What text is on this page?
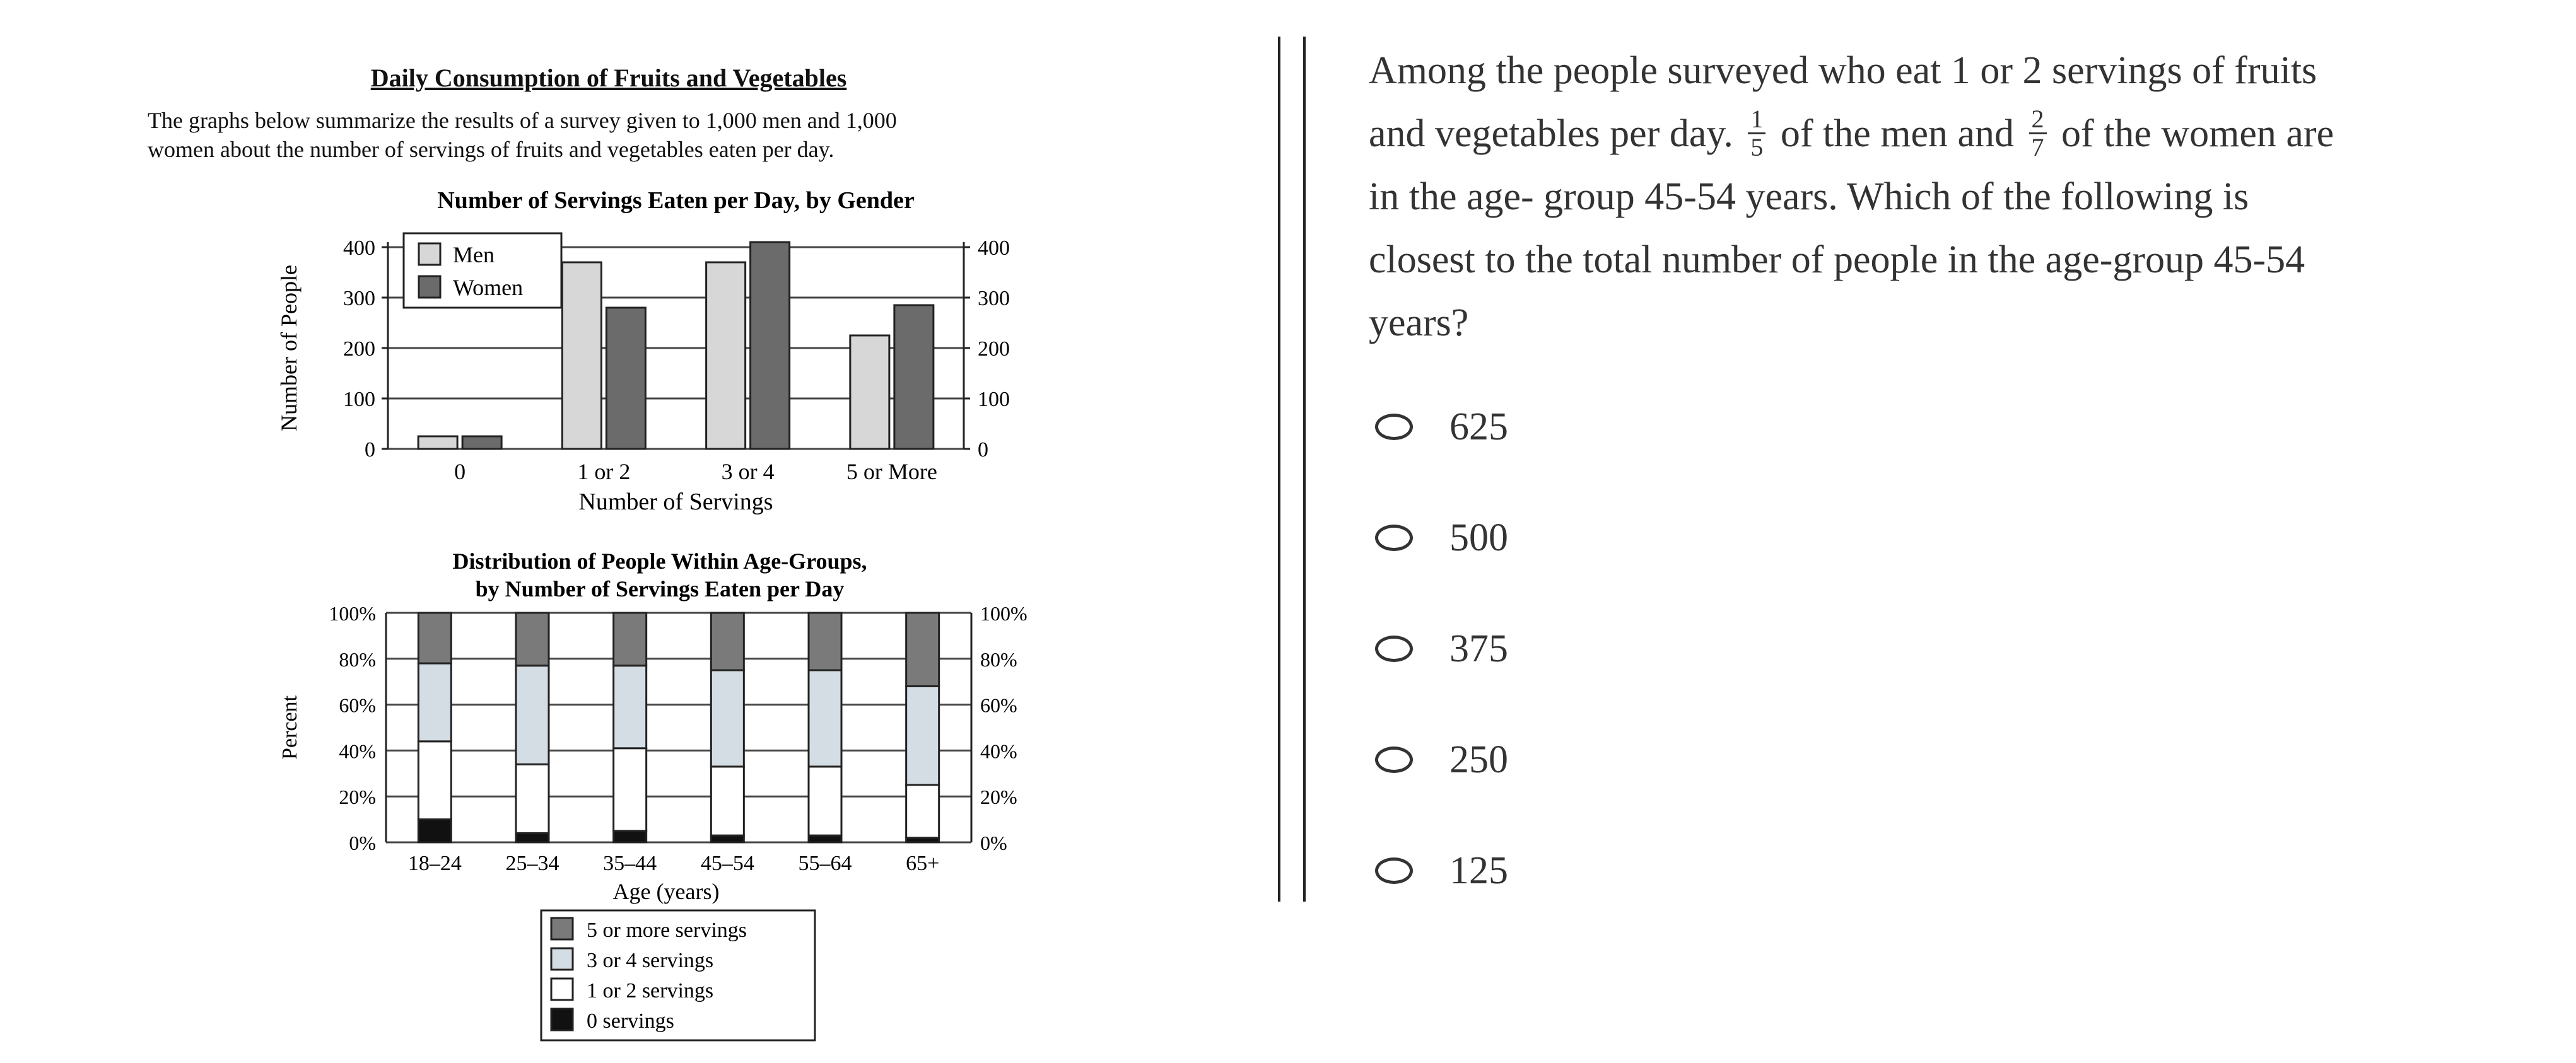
Daily Consumption of Fruits and Vegetables
The graphs below summarize the results of a survey given to 1,000 men and 1,000
women about the number of servings of fruits and vegetables eaten per day.
Number of Servings Eaten per Day, by Gender
0	0
100	100
200	200
300	300
400	400
0	1 or 2	3 or 4	5 or More
Number of Servings
Number of People
Men
Women
Distribution of People Within Age-Groups,
by Number of Servings Eaten per Day
0%	0%
20%	20%
40%	40%
60%	60%
80%	80%
100%	100%
18–24 25–34 35–44 45–54 55–64	65+
Age (years)
Percent
5 or more servings
3 or 4 servings
1 or 2 servings
0 servings
Among the people surveyed who eat 1 or 2 servings of fruits
and vegetables per day. $\frac{1}{5}$ of the men and $\frac{2}{7}$ of the women are
in the age- group 45-54 years. Which of the following is
closest to the total number of people in the age-group 45-54
years?
625
500
375
250
125
